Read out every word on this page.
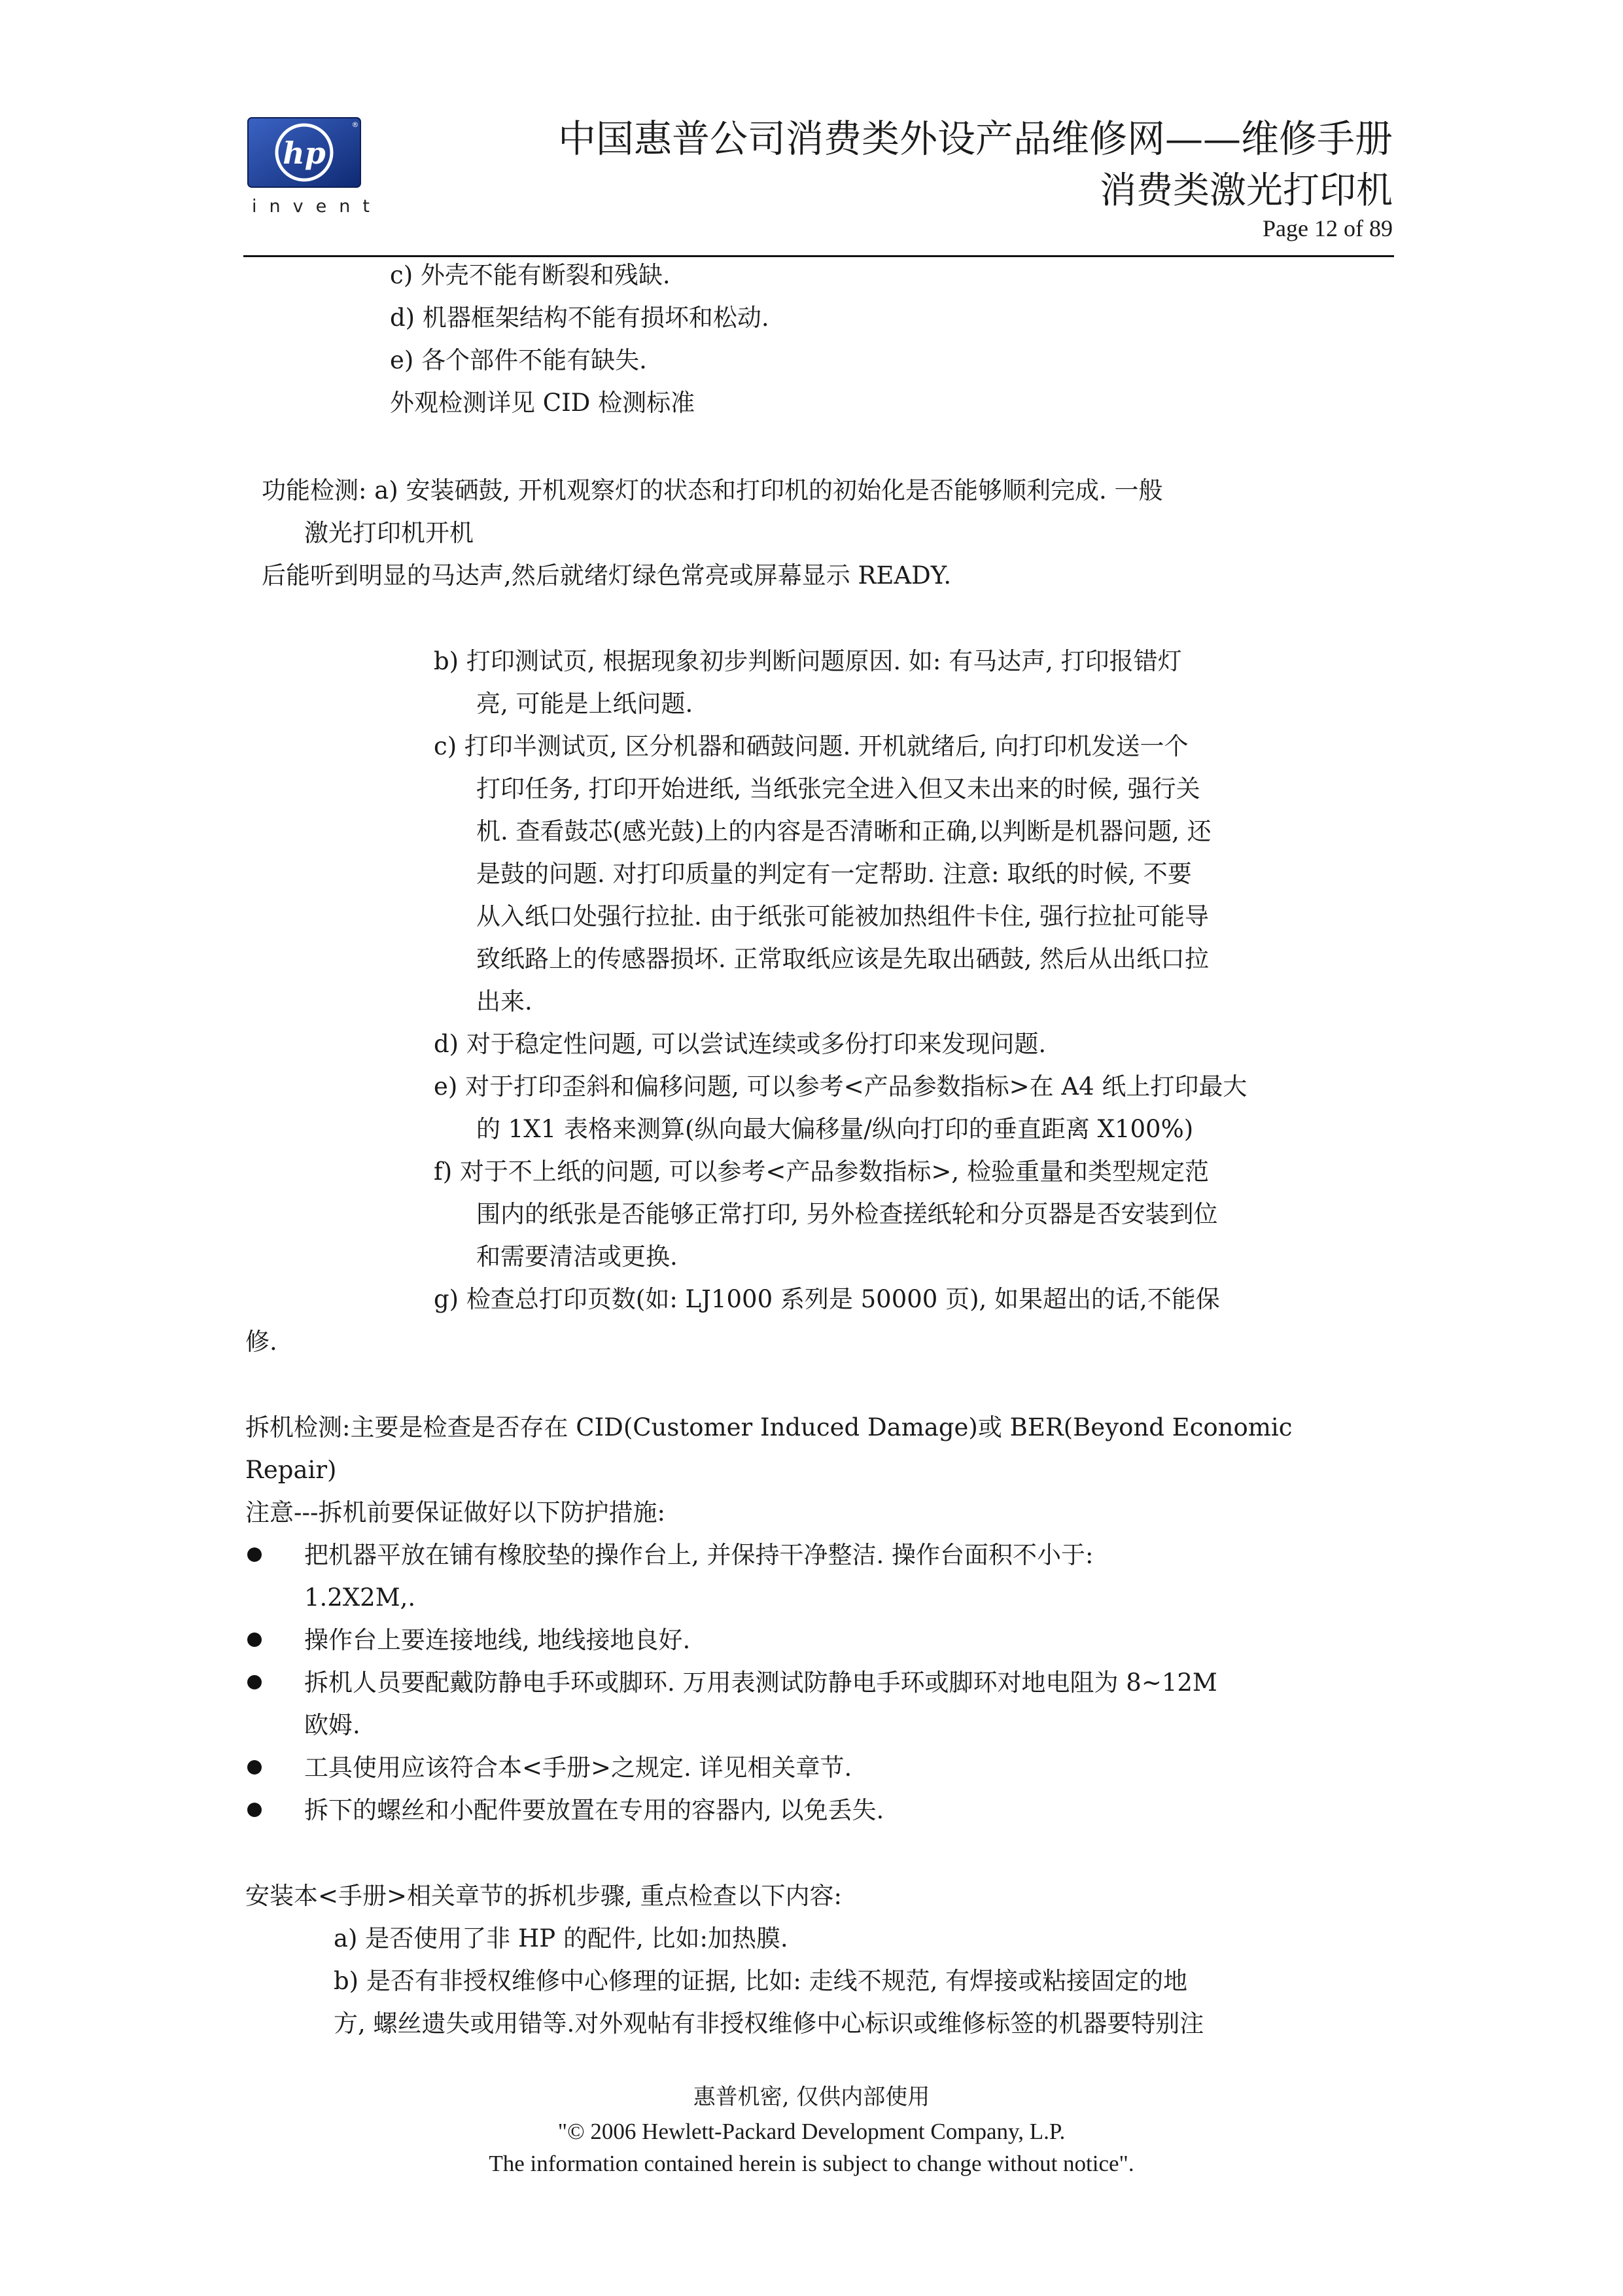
hp
®
invent
中国惠普公司消费类外设产品维修网——维修手册
消费类激光打印机
Page 12 of 89
c) 外壳不能有断裂和残缺.
d) 机器框架结构不能有损坏和松动.
e) 各个部件不能有缺失.
外观检测详见 CID 检测标准
功能检测: a) 安装硒鼓, 开机观察灯的状态和打印机的初始化是否能够顺利完成. 一般
激光打印机开机
后能听到明显的马达声,然后就绪灯绿色常亮或屏幕显示 READY.
b) 打印测试页, 根据现象初步判断问题原因. 如: 有马达声, 打印报错灯
亮, 可能是上纸问题.
c) 打印半测试页, 区分机器和硒鼓问题. 开机就绪后, 向打印机发送一个
打印任务, 打印开始进纸, 当纸张完全进入但又未出来的时候, 强行关
机. 查看鼓芯(感光鼓)上的内容是否清晰和正确,以判断是机器问题, 还
是鼓的问题. 对打印质量的判定有一定帮助. 注意: 取纸的时候, 不要
从入纸口处强行拉扯. 由于纸张可能被加热组件卡住, 强行拉扯可能导
致纸路上的传感器损坏. 正常取纸应该是先取出硒鼓, 然后从出纸口拉
出来.
d) 对于稳定性问题, 可以尝试连续或多份打印来发现问题.
e) 对于打印歪斜和偏移问题, 可以参考<产品参数指标>在 A4 纸上打印最大
的 1X1 表格来测算(纵向最大偏移量/纵向打印的垂直距离 X100%)
f) 对于不上纸的问题, 可以参考<产品参数指标>, 检验重量和类型规定范
围内的纸张是否能够正常打印, 另外检查搓纸轮和分页器是否安装到位
和需要清洁或更换.
g) 检查总打印页数(如: LJ1000 系列是 50000 页), 如果超出的话,不能保
修.
拆机检测:主要是检查是否存在 CID(Customer Induced Damage)或 BER(Beyond Economic
Repair)
注意---拆机前要保证做好以下防护措施:
把机器平放在铺有橡胶垫的操作台上, 并保持干净整洁. 操作台面积不小于:
1.2X2M,.
操作台上要连接地线, 地线接地良好.
拆机人员要配戴防静电手环或脚环. 万用表测试防静电手环或脚环对地电阻为 8~12M
欧姆.
工具使用应该符合本<手册>之规定. 详见相关章节.
拆下的螺丝和小配件要放置在专用的容器内, 以免丢失.
安装本<手册>相关章节的拆机步骤, 重点检查以下内容:
a) 是否使用了非 HP 的配件, 比如:加热膜.
b) 是否有非授权维修中心修理的证据, 比如: 走线不规范, 有焊接或粘接固定的地
方, 螺丝遗失或用错等.对外观帖有非授权维修中心标识或维修标签的机器要特别注
惠普机密, 仅供内部使用
"© 2006 Hewlett-Packard Development Company, L.P.
The information contained herein is subject to change without notice".
